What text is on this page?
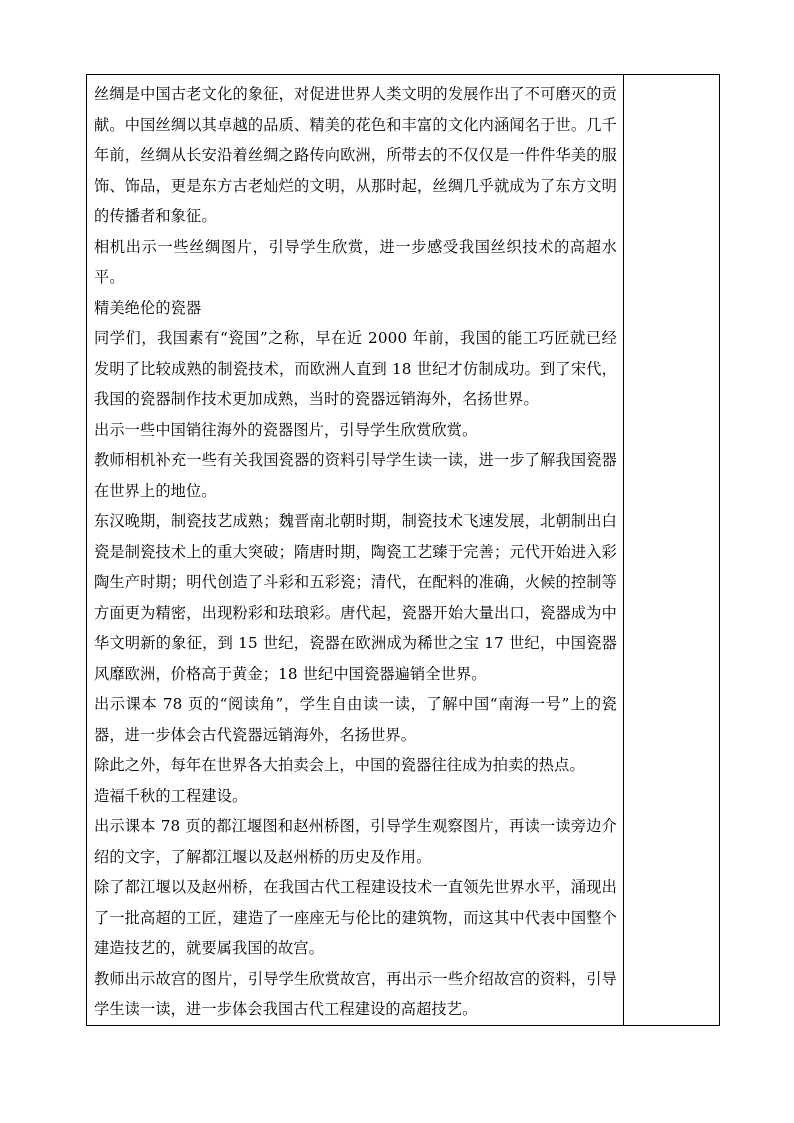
丝绸是中国古老文化的象征，对促进世界人类文明的发展作出了不可磨灭的贡献。中国丝绸以其卓越的品质、精美的花色和丰富的文化内涵闻名于世。几千年前，丝绸从长安沿着丝绸之路传向欧洲，所带去的不仅仅是一件件华美的服饰、饰品，更是东方古老灿烂的文明，从那时起，丝绸几乎就成为了东方文明的传播者和象征。

相机出示一些丝绸图片，引导学生欣赏，进一步感受我国丝织技术的高超水平。

精美绝伦的瓷器

同学们，我国素有“瓷国”之称，早在近 2000 年前，我国的能工巧匠就已经发明了比较成熟的制瓷技术，而欧洲人直到 18 世纪才仿制成功。到了宋代，我国的瓷器制作技术更加成熟，当时的瓷器远销海外，名扬世界。

出示一些中国销往海外的瓷器图片，引导学生欣赏欣赏。

教师相机补充一些有关我国瓷器的资料引导学生读一读，进一步了解我国瓷器在世界上的地位。

东汉晚期，制瓷技艺成熟；魏晋南北朝时期，制瓷技术飞速发展，北朝制出白瓷是制瓷技术上的重大突破；隋唐时期，陶瓷工艺臻于完善；元代开始进入彩陶生产时期；明代创造了斗彩和五彩瓷；清代，在配料的准确，火候的控制等方面更为精密，出现粉彩和珐琅彩。唐代起，瓷器开始大量出口，瓷器成为中华文明新的象征，到 15 世纪，瓷器在欧洲成为稀世之宝 17 世纪，中国瓷器风靡欧洲，价格高于黄金；18 世纪中国瓷器遍销全世界。

出示课本 78 页的“阅读角”，学生自由读一读，了解中国“南海一号”上的瓷器，进一步体会古代瓷器远销海外，名扬世界。

除此之外，每年在世界各大拍卖会上，中国的瓷器往往成为拍卖的热点。

造福千秋的工程建设。

出示课本 78 页的都江堰图和赵州桥图，引导学生观察图片，再读一读旁边介绍的文字，了解都江堰以及赵州桥的历史及作用。

除了都江堰以及赵州桥，在我国古代工程建设技术一直领先世界水平，涌现出了一批高超的工匠，建造了一座座无与伦比的建筑物，而这其中代表中国整个建造技艺的，就要属我国的故宫。

教师出示故宫的图片，引导学生欣赏故宫，再出示一些介绍故宫的资料，引导学生读一读，进一步体会我国古代工程建设的高超技艺。
